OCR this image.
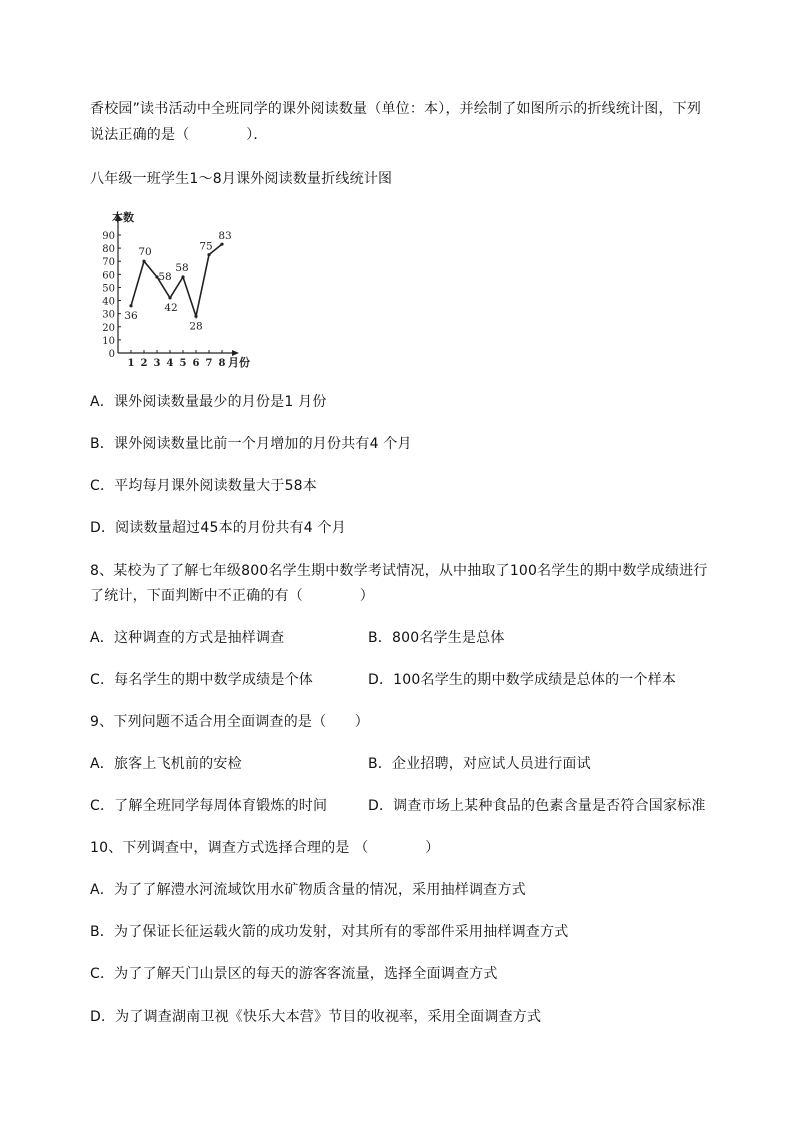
香校园”读书活动中全班同学的课外阅读数量（单位：本），并绘制了如图所示的折线统计图，下列
说法正确的是（　　　　）．
八年级一班学生1～8月课外阅读数量折线统计图
0
10
20
30
40
50
60
70
80
90
1 2 3 4 5 6 7 8
36
70
58
42
58
28
75
83
本数
月份
A．课外阅读数量最少的月份是1 月份
B．课外阅读数量比前一个月增加的月份共有4 个月
C．平均每月课外阅读数量大于58本
D．阅读数量超过45本的月份共有4 个月
8、某校为了了解七年级800名学生期中数学考试情况，从中抽取了100名学生的期中数学成绩进行
了统计，下面判断中不正确的有（　　　　）
A．这种调查的方式是抽样调查	B．800名学生是总体
C．每名学生的期中数学成绩是个体	D．100名学生的期中数学成绩是总体的一个样本
9、下列问题不适合用全面调查的是（　　）
A．旅客上飞机前的安检	B．企业招聘，对应试人员进行面试
C．了解全班同学每周体育锻炼的时间	D．调查市场上某种食品的色素含量是否符合国家标准
10、下列调查中，调查方式选择合理的是 （　　　　）
A．为了了解澧水河流域饮用水矿物质含量的情况，采用抽样调查方式
B．为了保证长征运载火箭的成功发射，对其所有的零部件采用抽样调查方式
C．为了了解天门山景区的每天的游客客流量，选择全面调查方式
D．为了调查湖南卫视《快乐大本营》节目的收视率，采用全面调查方式
